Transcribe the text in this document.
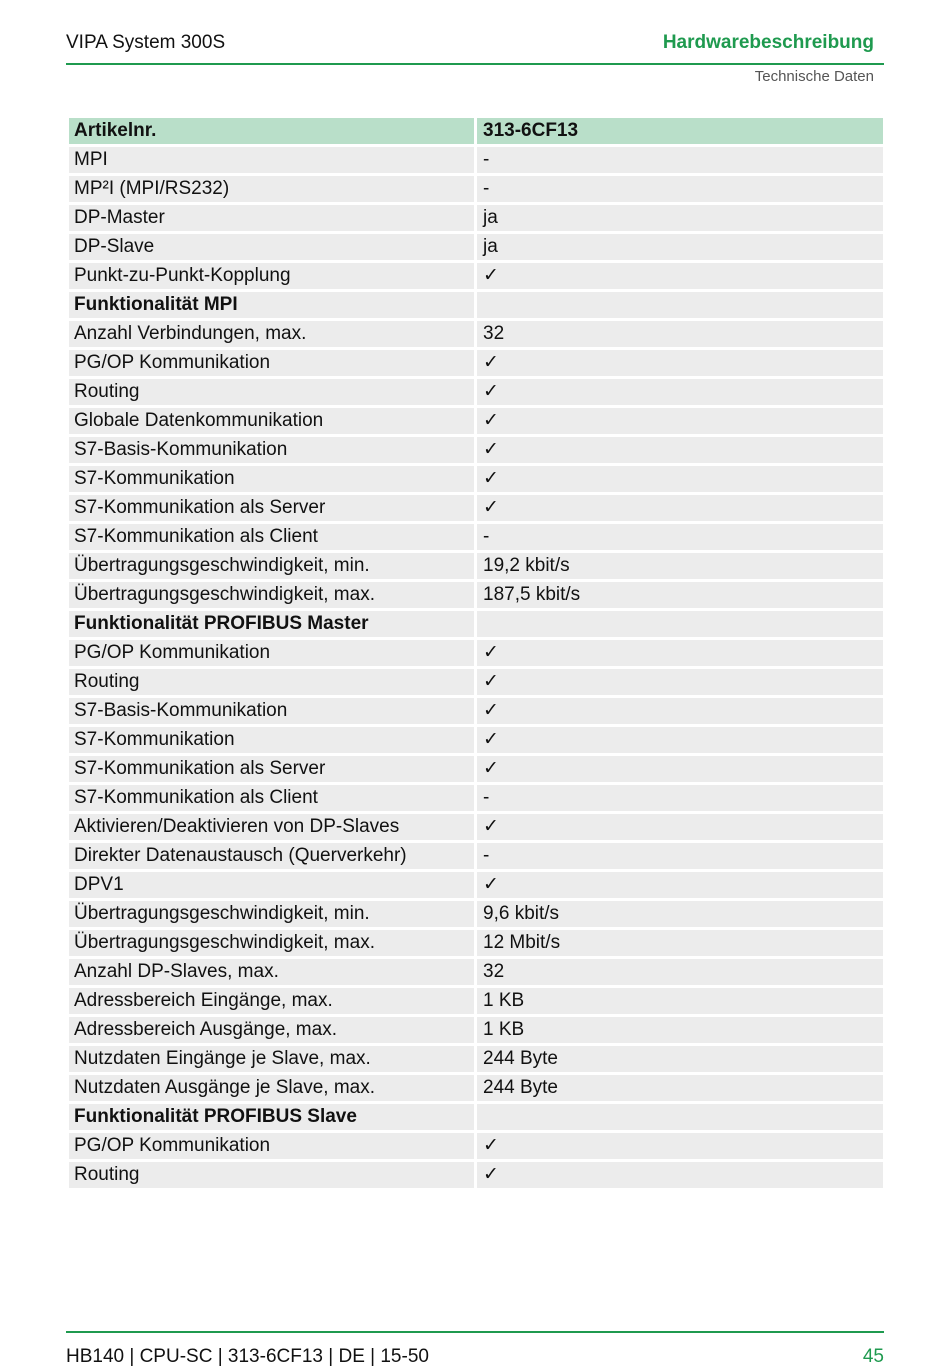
VIPA System 300S	Hardwarebeschreibung
Technische Daten
Artikelnr.	313-6CF13
MPI	-
MP²I (MPI/RS232)	-
DP-Master	ja
DP-Slave	ja
Punkt-zu-Punkt-Kopplung	✓
Funktionalität MPI	
Anzahl Verbindungen, max.	32
PG/OP Kommunikation	✓
Routing	✓
Globale Datenkommunikation	✓
S7-Basis-Kommunikation	✓
S7-Kommunikation	✓
S7-Kommunikation als Server	✓
S7-Kommunikation als Client	-
Übertragungsgeschwindigkeit, min.	19,2 kbit/s
Übertragungsgeschwindigkeit, max.	187,5 kbit/s
Funktionalität PROFIBUS Master	
PG/OP Kommunikation	✓
Routing	✓
S7-Basis-Kommunikation	✓
S7-Kommunikation	✓
S7-Kommunikation als Server	✓
S7-Kommunikation als Client	-
Aktivieren/Deaktivieren von DP-Slaves	✓
Direkter Datenaustausch (Querverkehr)	-
DPV1	✓
Übertragungsgeschwindigkeit, min.	9,6 kbit/s
Übertragungsgeschwindigkeit, max.	12 Mbit/s
Anzahl DP-Slaves, max.	32
Adressbereich Eingänge, max.	1 KB
Adressbereich Ausgänge, max.	1 KB
Nutzdaten Eingänge je Slave, max.	244 Byte
Nutzdaten Ausgänge je Slave, max.	244 Byte
Funktionalität PROFIBUS Slave	
PG/OP Kommunikation	✓
Routing	✓
HB140 | CPU-SC | 313-6CF13 | DE | 15-50	45
